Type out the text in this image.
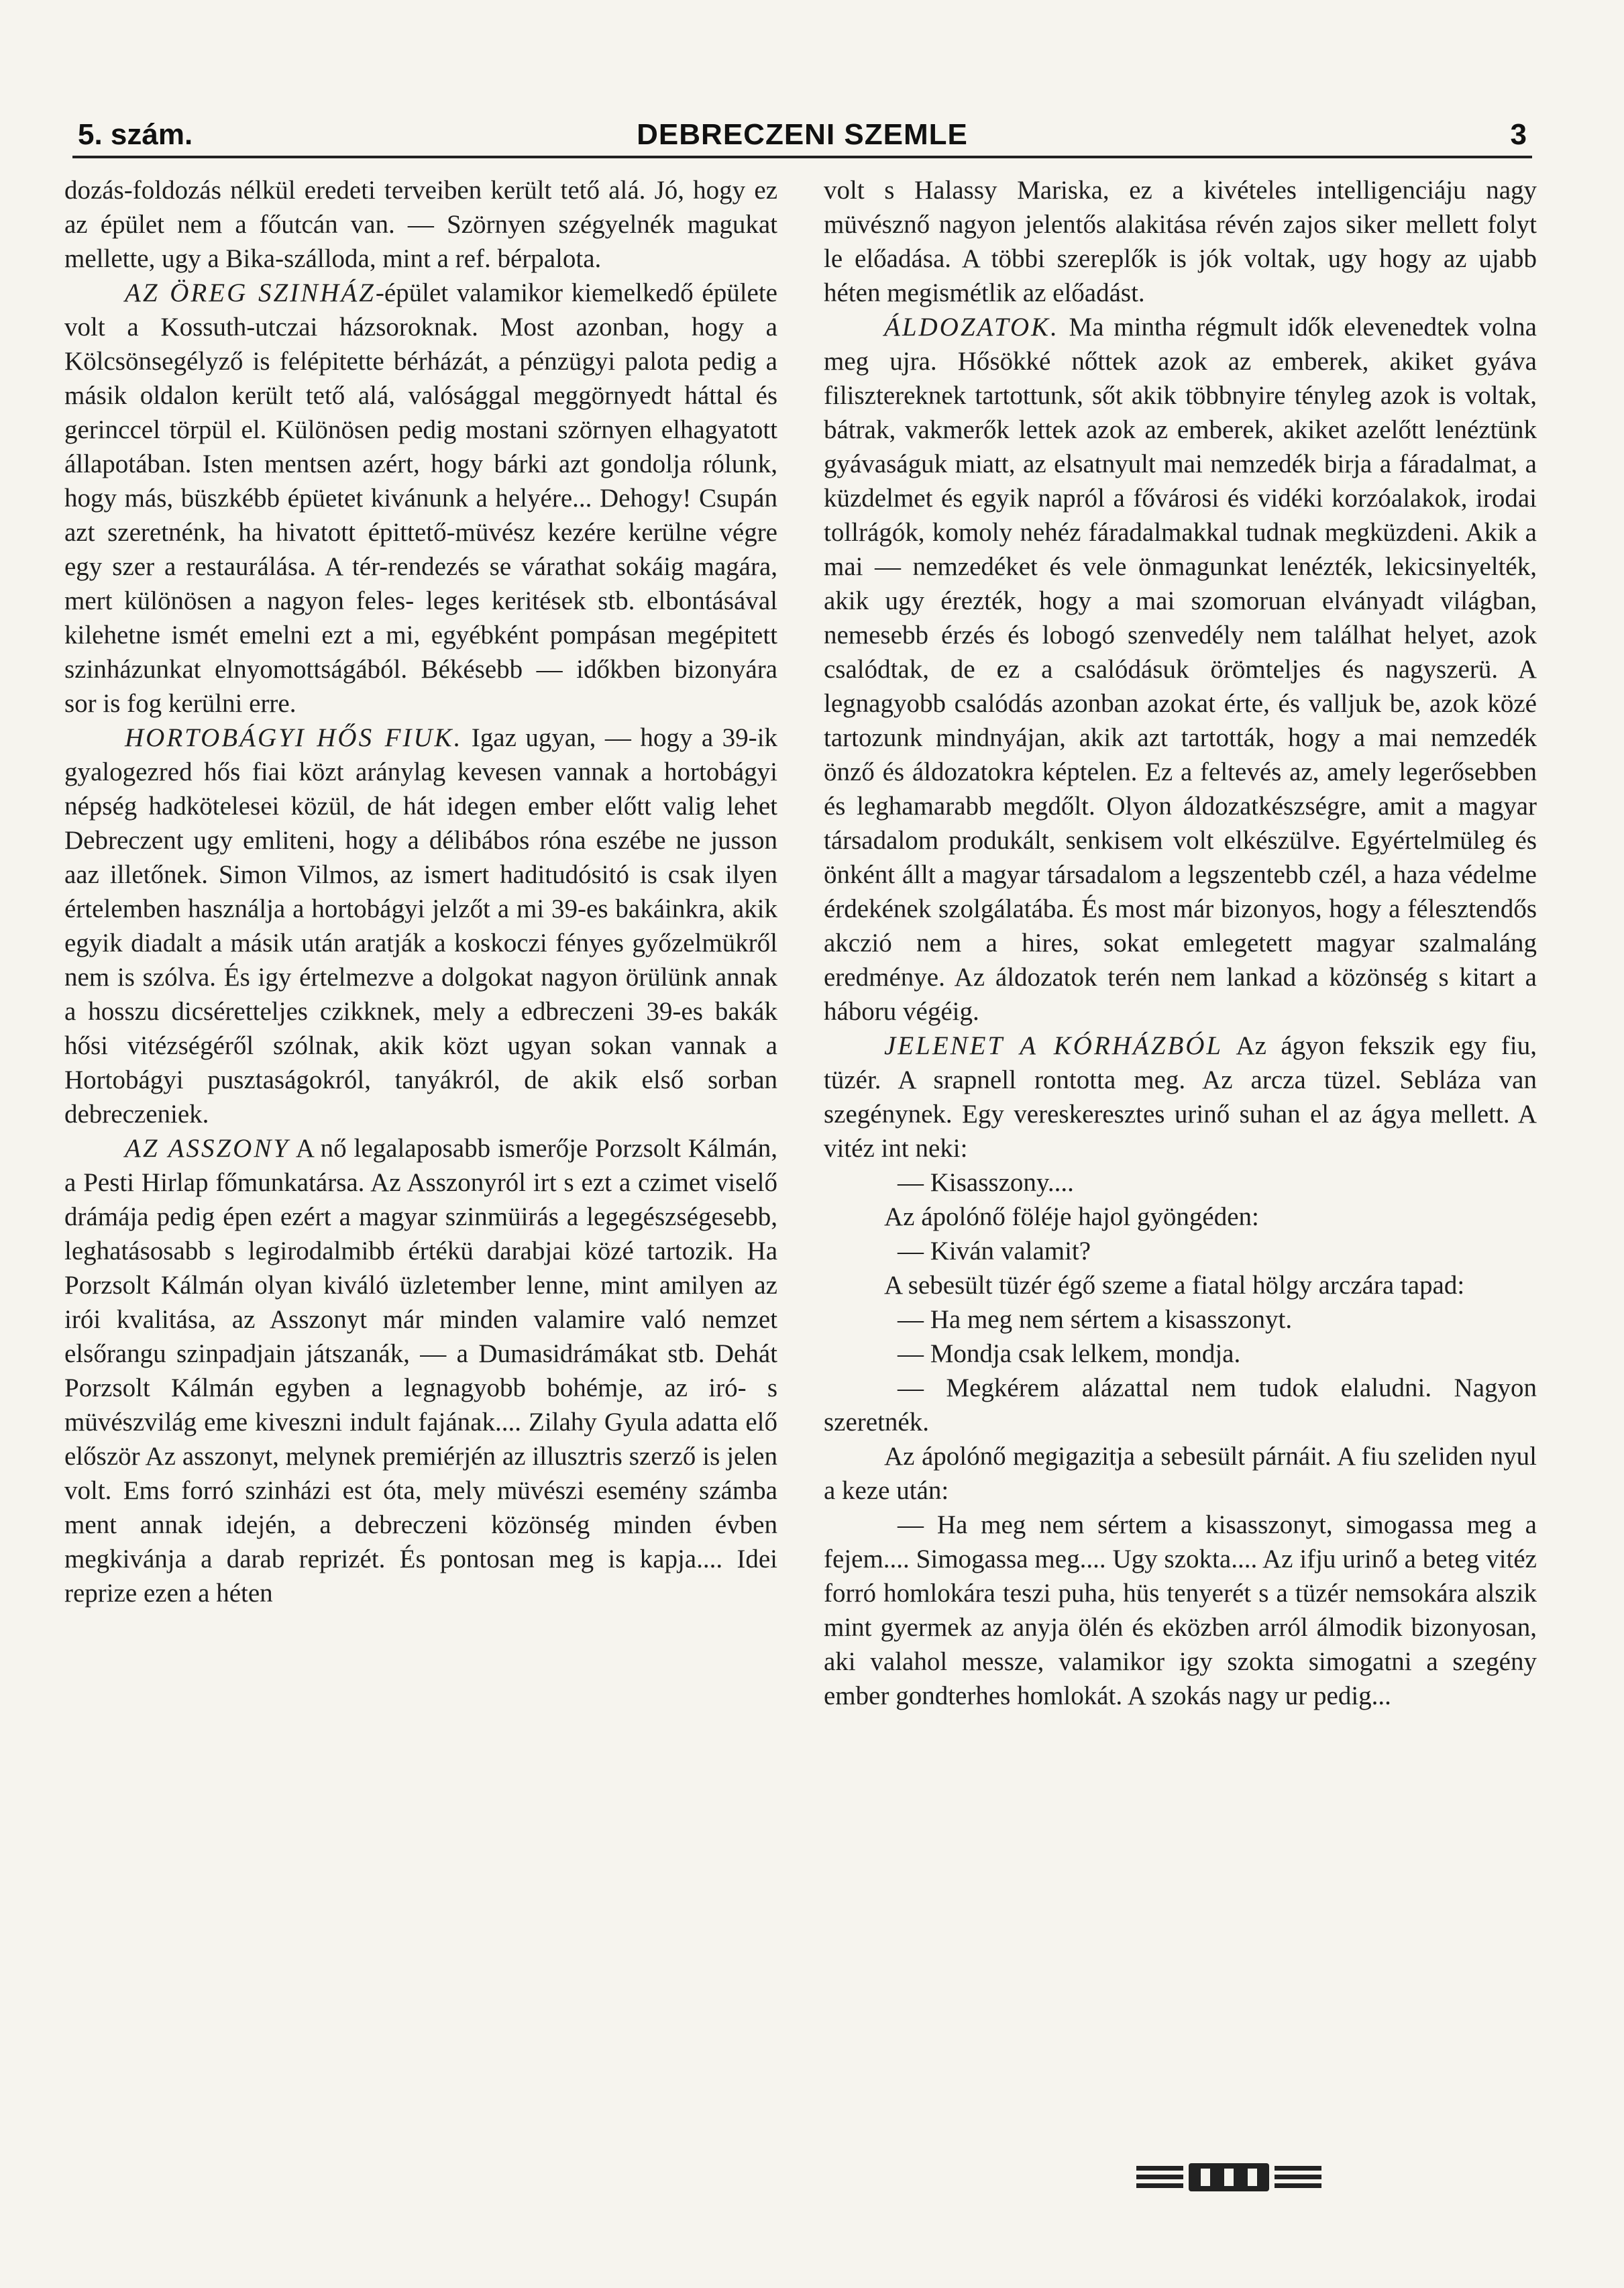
5. szám.	DEBRECZENI SZEMLE	3

dozás-foldozás nélkül eredeti terveiben került tető alá. Jó, hogy ez az épület nem a főutcán van. — Szörnyen szégyelnék magukat mellette, ugy a Bika-szálloda, mint a ref. bérpalota.

AZ ÖREG SZINHÁZ-épület valamikor kiemelkedő épülete volt a Kossuth-utczai házsoroknak. Most azonban, hogy a Kölcsönsegélyző is felépitette bérházát, a pénzügyi palota pedig a másik oldalon került tető alá, valósággal meggörnyedt háttal és gerinccel törpül el. Különösen pedig mostani szörnyen elhagyatott állapotában. Isten mentsen azért, hogy bárki azt gondolja rólunk, hogy más, büszkébb épüetet kivánunk a helyére... Dehogy! Csupán azt szeretnénk, ha hivatott épittető-müvész kezére kerülne végre egy szer a restaurálása. A tér-rendezés se várathat sokáig magára, mert különösen a nagyon feles- leges keritések stb. elbontásával kilehetne ismét emelni ezt a mi, egyébként pompásan megépitett szinházunkat elnyomottságából. Békésebb — időkben bizonyára sor is fog kerülni erre.

HORTOBÁGYI HŐS FIUK. Igaz ugyan, — hogy a 39-ik gyalogezred hős fiai közt aránylag kevesen vannak a hortobágyi népség hadkötelesei közül, de hát idegen ember előtt valig lehet Debreczent ugy emliteni, hogy a délibábos róna eszébe ne jusson aaz illetőnek. Simon Vilmos, az ismert haditudósitó is csak ilyen értelemben használja a hortobágyi jelzőt a mi 39-es bakáinkra, akik egyik diadalt a másik után aratják a koskoczi fényes győzelmükről nem is szólva. És igy értelmezve a dolgokat nagyon örülünk annak a hosszu dicséretteljes czikknek, mely a edbreczeni 39-es bakák hősi vitézségéről szólnak, akik közt ugyan sokan vannak a Hortobágyi pusztaságokról, tanyákról, de akik első sorban debreczeniek.

AZ ASSZONY A nő legalaposabb ismerője Porzsolt Kálmán, a Pesti Hirlap főmunkatársa. Az Asszonyról irt s ezt a czimet viselő drámája pedig épen ezért a magyar szinmüirás a legegészségesebb, leghatásosabb s legirodalmibb értékü darabjai közé tartozik. Ha Porzsolt Kálmán olyan kiváló üzletember lenne, mint amilyen az irói kvalitása, az Asszonyt már minden valamire való nemzet elsőrangu szinpadjain játszanák, — a Dumasidrámákat stb. Dehát Porzsolt Kálmán egyben a legnagyobb bohémje, az iró- s müvészvilág eme kiveszni indult fajának.... Zilahy Gyula adatta elő először Az asszonyt, melynek premiérjén az illusztris szerző is jelen volt. Ems forró szinházi est óta, mely müvészi esemény számba ment annak idején, a debreczeni közönség minden évben megkivánja a darab reprizét. És pontosan meg is kapja.... Idei reprize ezen a héten

volt s Halassy Mariska, ez a kivételes intelligenciáju nagy müvésznő nagyon jelentős alakitása révén zajos siker mellett folyt le előadása. A többi szereplők is jók voltak, ugy hogy az ujabb héten megismétlik az előadást.

ÁLDOZATOK. Ma mintha régmult idők elevenedtek volna meg ujra. Hősökké nőttek azok az emberek, akiket gyáva filisztereknek tartottunk, sőt akik többnyire tényleg azok is voltak, bátrak, vakmerők lettek azok az emberek, akiket azelőtt lenéztünk gyávaságuk miatt, az elsatnyult mai nemzedék birja a fáradalmat, a küzdelmet és egyik napról a fővárosi és vidéki korzóalakok, irodai tollrágók, komoly nehéz fáradalmakkal tudnak megküzdeni. Akik a mai — nemzedéket és vele önmagunkat lenézték, lekicsinyelték, akik ugy érezték, hogy a mai szomoruan elványadt világban, nemesebb érzés és lobogó szenvedély nem találhat helyet, azok csalódtak, de ez a csalódásuk örömteljes és nagyszerü. A legnagyobb csalódás azonban azokat érte, és valljuk be, azok közé tartozunk mindnyájan, akik azt tartották, hogy a mai nemzedék önző és áldozatokra képtelen. Ez a feltevés az, amely legerősebben és leghamarabb megdőlt. Olyon áldozatkészségre, amit a magyar társadalom produkált, senkisem volt elkészülve. Egyértelmüleg és önként állt a magyar társadalom a legszentebb czél, a haza védelme érdekének szolgálatába. És most már bizonyos, hogy a félesztendős akczió nem a hires, sokat emlegetett magyar szalmaláng eredménye. Az áldozatok terén nem lankad a közönség s kitart a háboru végéig.

JELENET A KÓRHÁZBÓL Az ágyon fekszik egy fiu, tüzér. A srapnell rontotta meg. Az arcza tüzel. Sebláza van szegénynek. Egy vereskeresztes urinő suhan el az ágya mellett. A vitéz int neki:

— Kisasszony....

Az ápolónő föléje hajol gyöngéden:

— Kiván valamit?

A sebesült tüzér égő szeme a fiatal hölgy arczára tapad:

— Ha meg nem sértem a kisasszonyt.

— Mondja csak lelkem, mondja.

— Megkérem alázattal nem tudok elaludni. Nagyon szeretnék.

Az ápolónő megigazitja a sebesült párnáit. A fiu szeliden nyul a keze után:

— Ha meg nem sértem a kisasszonyt, simogassa meg a fejem.... Simogassa meg.... Ugy szokta.... Az ifju urinő a beteg vitéz forró homlokára teszi puha, hüs tenyerét s a tüzér nemsokára alszik mint gyermek az anyja ölén és eközben arról álmodik bizonyosan, aki valahol messze, valamikor igy szokta simogatni a szegény ember gondterhes homlokát. A szokás nagy ur pedig...
